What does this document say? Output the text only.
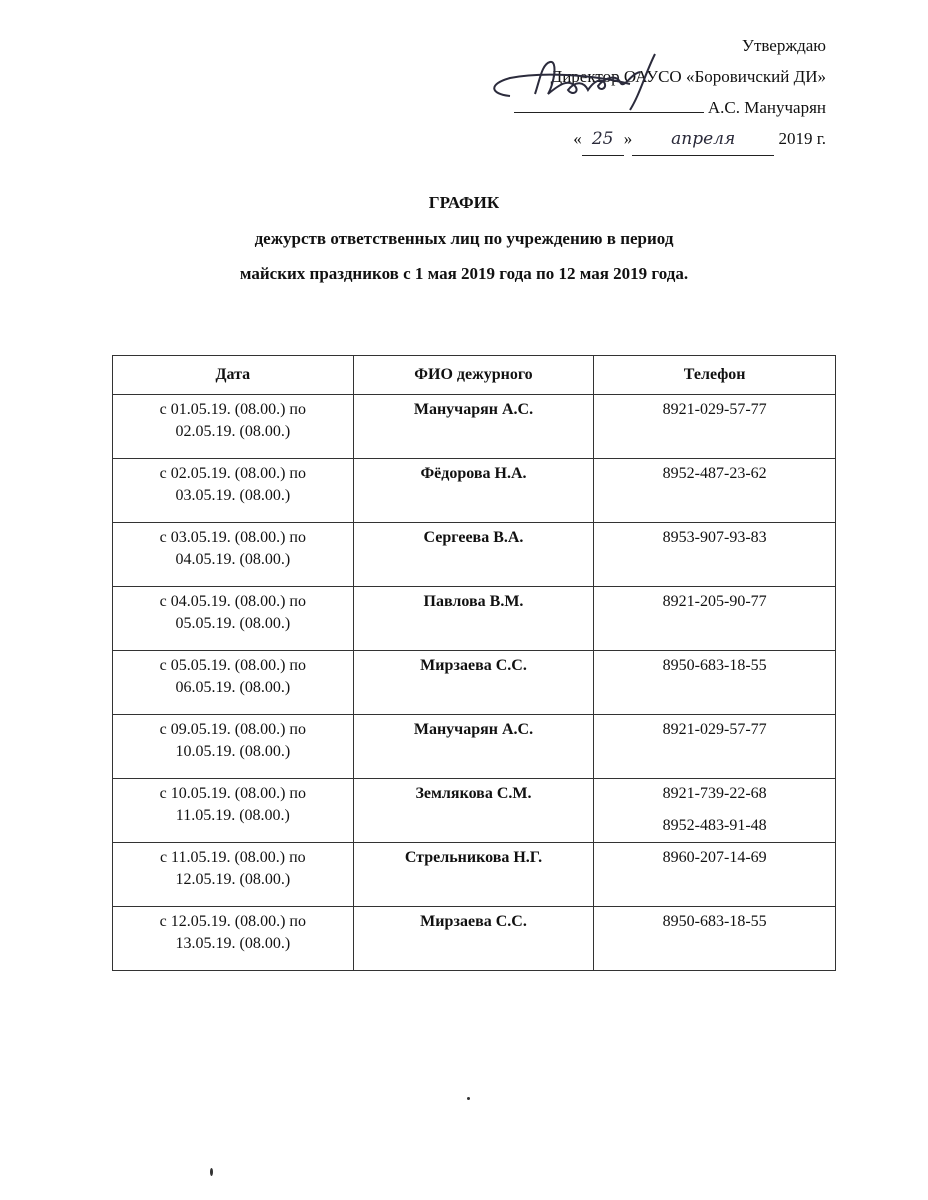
Утверждаю
Директор ОАУСО «Боровичский ДИ»
А.С. Манучарян
« 25 » апреля	2019 г.
ГРАФИК
дежурств ответственных лиц по учреждению в период
майских праздников с 1 мая 2019 года по 12 мая 2019 года.
Дата	ФИО дежурного	Телефон
с 01.05.19. (08.00.) по
02.05.19. (08.00.)	Манучарян А.С.	8921-029-57-77

с 02.05.19. (08.00.) по
03.05.19. (08.00.)	Фёдорова Н.А.	8952-487-23-62

с 03.05.19. (08.00.) по
04.05.19. (08.00.)	Сергеева В.А.	8953-907-93-83

с 04.05.19. (08.00.) по
05.05.19. (08.00.)	Павлова В.М.	8921-205-90-77

с 05.05.19. (08.00.) по
06.05.19. (08.00.)	Мирзаева С.С.	8950-683-18-55

с 09.05.19. (08.00.) по
10.05.19. (08.00.)	Манучарян А.С.	8921-029-57-77

с 10.05.19. (08.00.) по
11.05.19. (08.00.)	Землякова С.М.	8921-739-22-68
8952-483-91-48

с 11.05.19. (08.00.) по
12.05.19. (08.00.)	Стрельникова Н.Г.	8960-207-14-69

с 12.05.19. (08.00.) по
13.05.19. (08.00.)	Мирзаева С.С.	8950-683-18-55
